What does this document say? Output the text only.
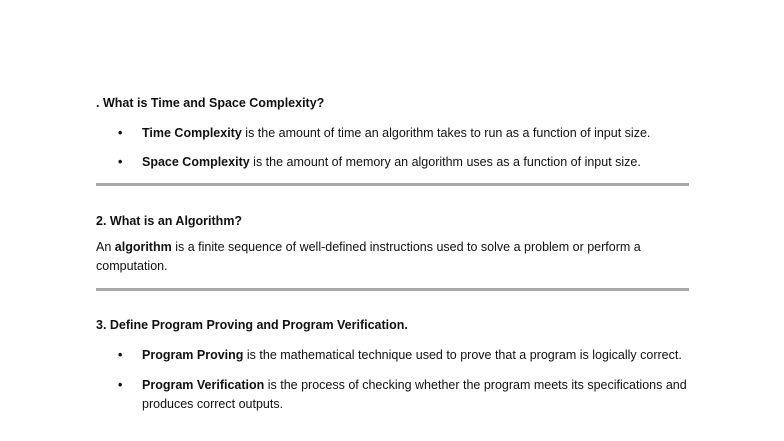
. What is Time and Space Complexity?

• Time Complexity is the amount of time an algorithm takes to run as a function of input size.
• Space Complexity is the amount of memory an algorithm uses as a function of input size.

2. What is an Algorithm?

An algorithm is a finite sequence of well-defined instructions used to solve a problem or perform a computation.

3. Define Program Proving and Program Verification.

• Program Proving is the mathematical technique used to prove that a program is logically correct.
• Program Verification is the process of checking whether the program meets its specifications and produces correct outputs.
